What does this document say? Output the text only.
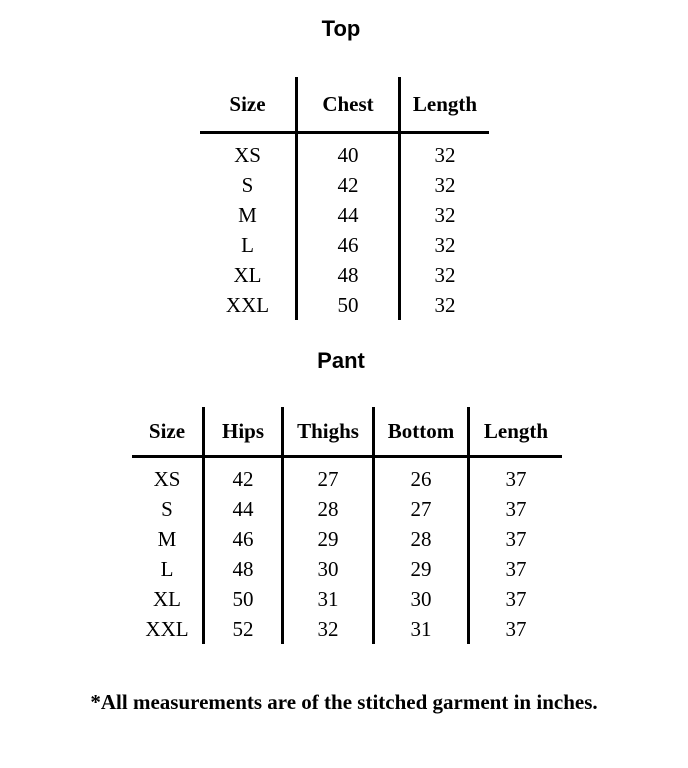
Top
Size	Chest	Length
XS	40	32
S	42	32
M	44	32
L	46	32
XL	48	32
XXL	50	32
Pant
Size	Hips	Thighs	Bottom	Length
XS	42	27	26	37
S	44	28	27	37
M	46	29	28	37
L	48	30	29	37
XL	50	31	30	37
XXL	52	32	31	37

*All measurements are of the stitched garment in inches.
